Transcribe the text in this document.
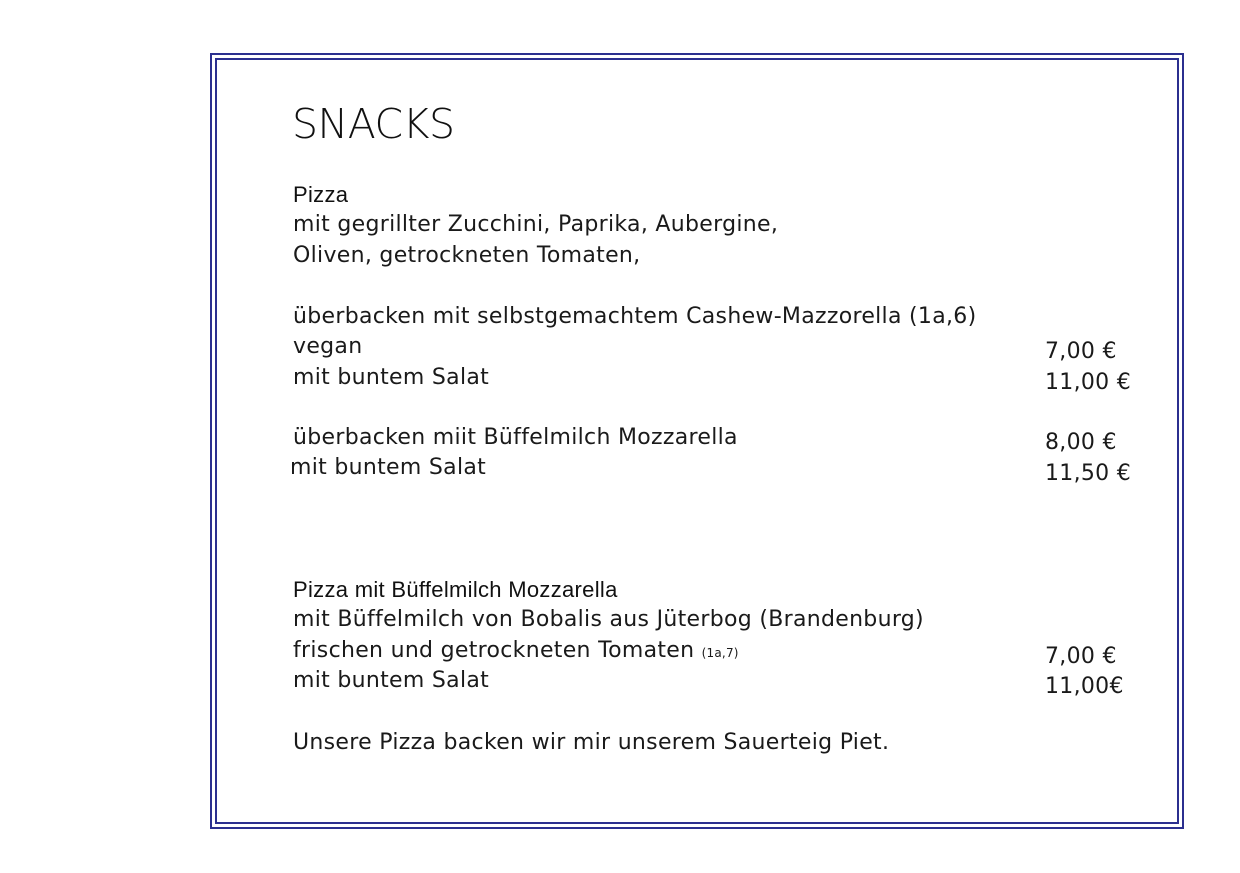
SNACKS
Pizza
mit gegrillter Zucchini, Paprika, Aubergine,
Oliven, getrockneten Tomaten,
überbacken mit selbstgemachtem Cashew-Mazzorella (1a,6)
vegan
mit buntem Salat
7,00 €
11,00 €
überbacken miit Büffelmilch Mozzarella
mit buntem Salat
8,00 €
11,50 €
Pizza mit Büffelmilch Mozzarella
mit Büffelmilch von Bobalis aus Jüterbog (Brandenburg)
frischen und getrockneten Tomaten (1a,7)
mit buntem Salat
7,00 €
11,00€
Unsere Pizza backen wir mir unserem Sauerteig Piet.
